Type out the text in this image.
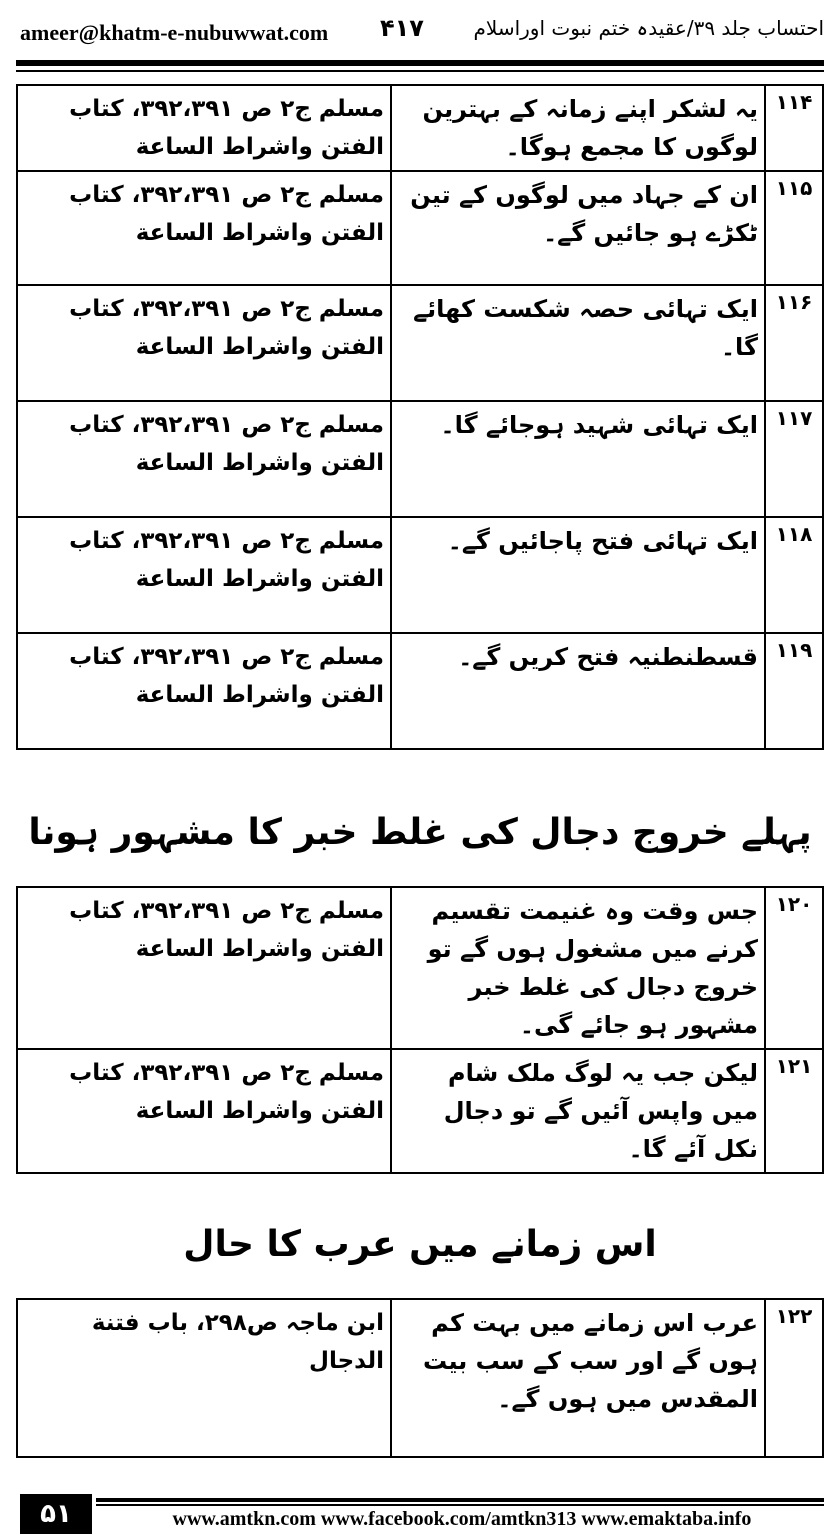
احتساب جلد ۳۹/عقیدہ ختم نبوت اوراسلام
۴۱۷
ameer@khatm-e-nubuwwat.com
۱۱۴	یہ لشکر اپنے زمانہ کے بہترین لوگوں کا مجمع ہوگا۔	مسلم ج۲ ص ۳۹۲،۳۹۱، کتاب الفتن واشراط الساعة
۱۱۵	ان کے جہاد میں لوگوں کے تین ٹکڑے ہو جائیں گے۔	مسلم ج۲ ص ۳۹۲،۳۹۱، کتاب الفتن واشراط الساعة
۱۱۶	ایک تہائی حصہ شکست کھائے گا۔	مسلم ج۲ ص ۳۹۲،۳۹۱، کتاب الفتن واشراط الساعة
۱۱۷	ایک تہائی شہید ہوجائے گا۔	مسلم ج۲ ص ۳۹۲،۳۹۱، کتاب الفتن واشراط الساعة
۱۱۸	ایک تہائی فتح پاجائیں گے۔	مسلم ج۲ ص ۳۹۲،۳۹۱، کتاب الفتن واشراط الساعة
۱۱۹	قسطنطنیہ فتح کریں گے۔	مسلم ج۲ ص ۳۹۲،۳۹۱، کتاب الفتن واشراط الساعة
پہلے خروج دجال کی غلط خبر کا مشہور ہونا
۱۲۰	جس وقت وہ غنیمت تقسیم کرنے میں مشغول ہوں گے تو خروج دجال کی غلط خبر مشہور ہو جائے گی۔	مسلم ج۲ ص ۳۹۲،۳۹۱، کتاب الفتن واشراط الساعة
۱۲۱	لیکن جب یہ لوگ ملک شام میں واپس آئیں گے تو دجال نکل آئے گا۔	مسلم ج۲ ص ۳۹۲،۳۹۱، کتاب الفتن واشراط الساعة
اس زمانے میں عرب کا حال
۱۲۲	عرب اس زمانے میں بہت کم ہوں گے اور سب کے سب بیت المقدس میں ہوں گے۔	ابن ماجہ ص۲۹۸، باب فتنة الدجال
۵۱	www.amtkn.com www.facebook.com/amtkn313 www.emaktaba.info
